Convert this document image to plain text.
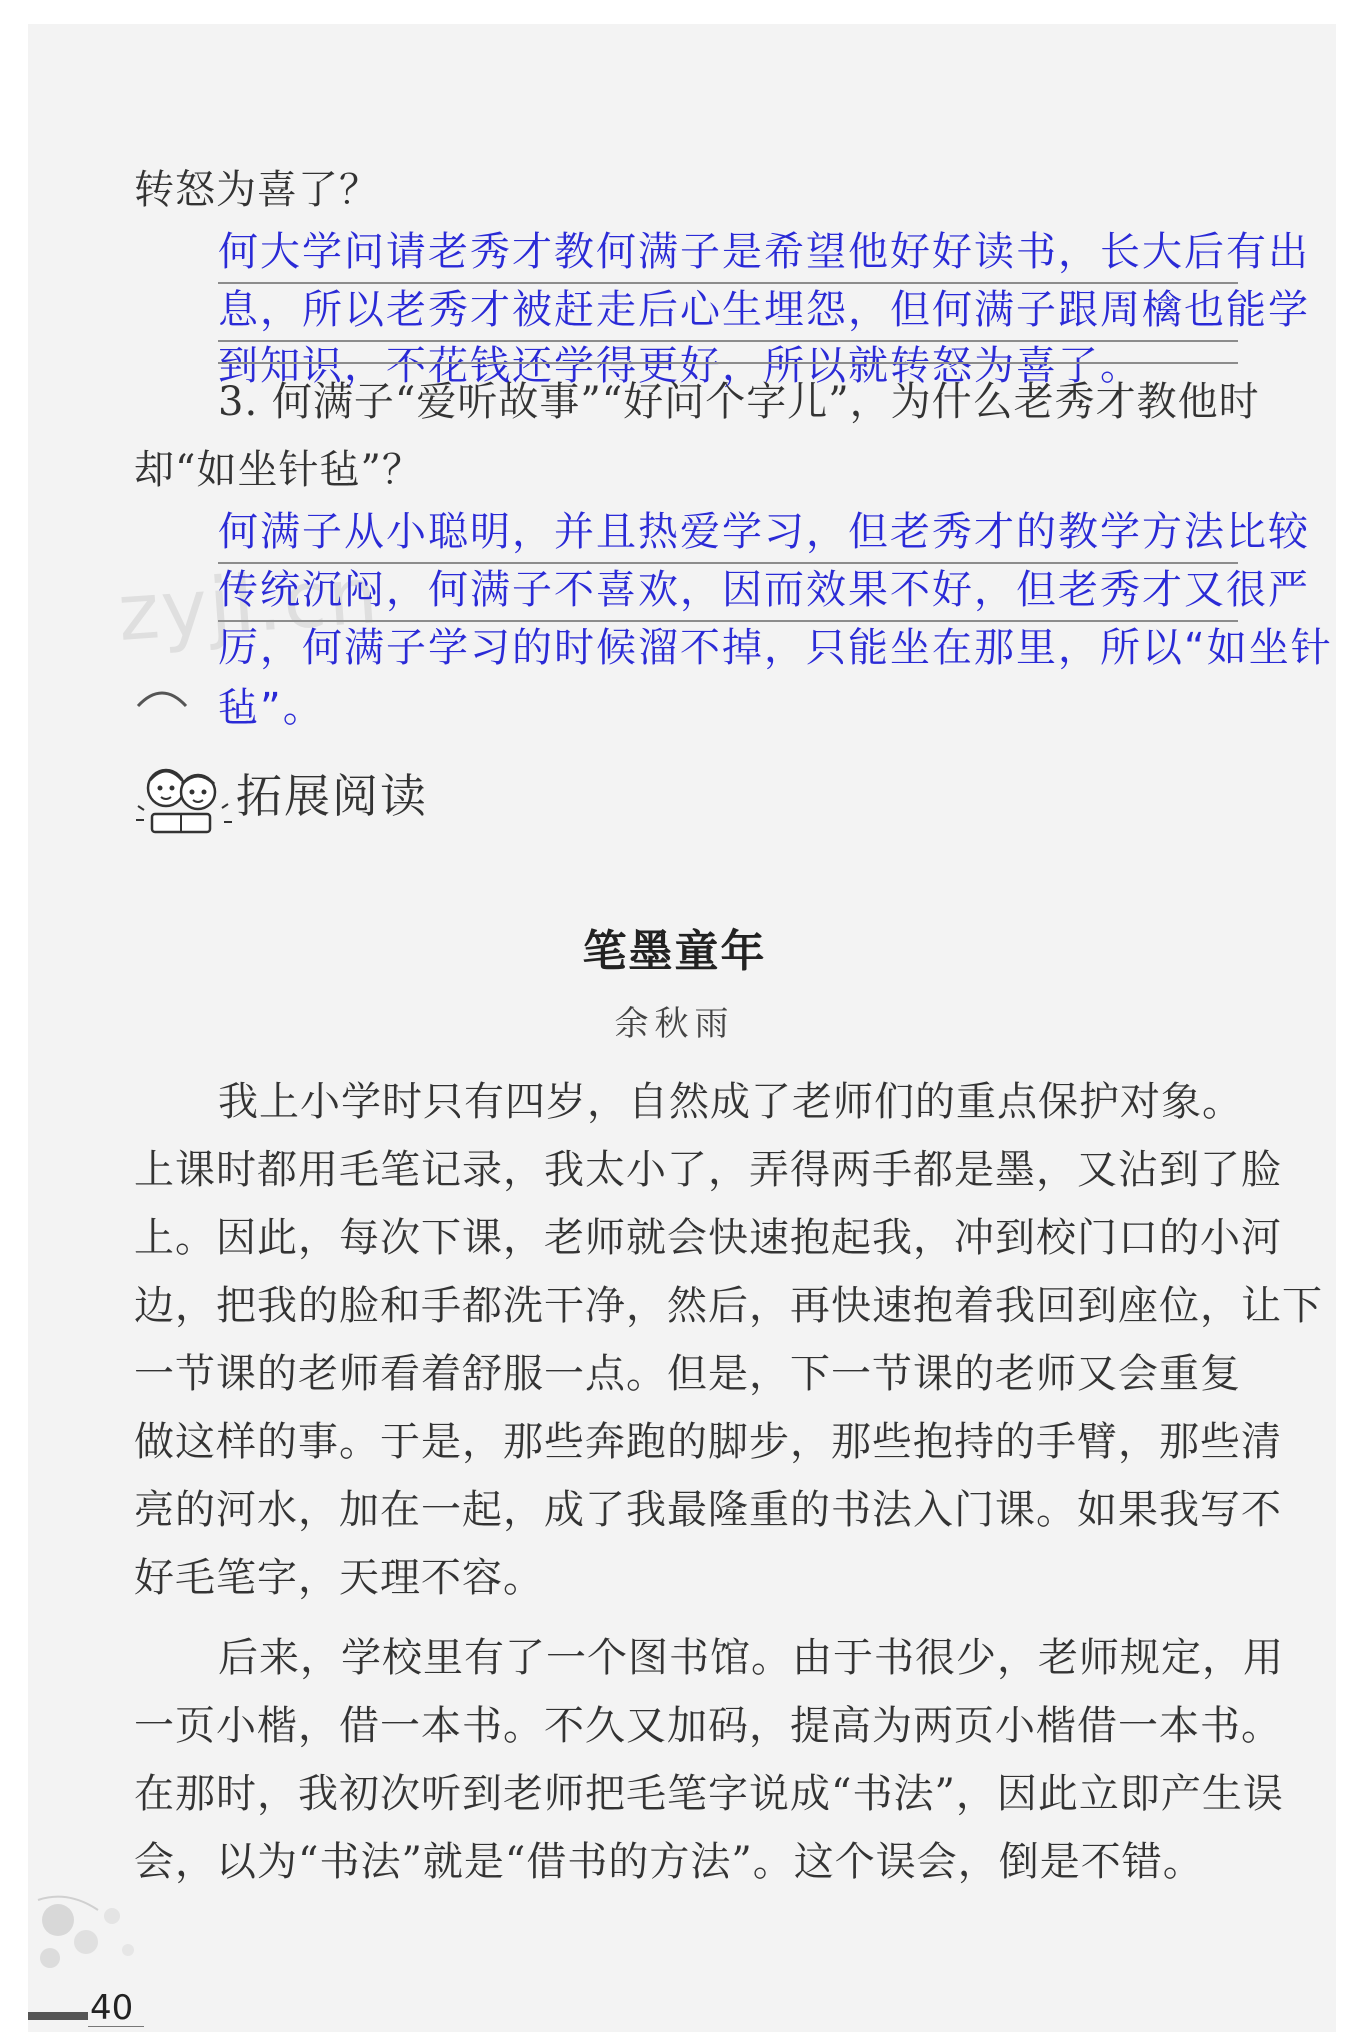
zyjl.cn
转怒为喜了？
何大学问请老秀才教何满子是希望他好好读书，长大后有出
息，所以老秀才被赶走后心生埋怨，但何满子跟周檎也能学
到知识，不花钱还学得更好，所以就转怒为喜了。
3. 何满子“爱听故事”“好问个字儿”，为什么老秀才教他时
却“如坐针毡”？
何满子从小聪明，并且热爱学习，但老秀才的教学方法比较
传统沉闷，何满子不喜欢，因而效果不好，但老秀才又很严
厉，何满子学习的时候溜不掉，只能坐在那里，所以“如坐针
毡”。
拓展阅读
笔墨童年
余秋雨
我上小学时只有四岁，自然成了老师们的重点保护对象。
上课时都用毛笔记录，我太小了，弄得两手都是墨，又沾到了脸
上。因此，每次下课，老师就会快速抱起我，冲到校门口的小河
边，把我的脸和手都洗干净，然后，再快速抱着我回到座位，让下
一节课的老师看着舒服一点。但是，下一节课的老师又会重复
做这样的事。于是，那些奔跑的脚步，那些抱持的手臂，那些清
亮的河水，加在一起，成了我最隆重的书法入门课。如果我写不
好毛笔字，天理不容。
后来，学校里有了一个图书馆。由于书很少，老师规定，用
一页小楷，借一本书。不久又加码，提高为两页小楷借一本书。
在那时，我初次听到老师把毛笔字说成“书法”，因此立即产生误
会，以为“书法”就是“借书的方法”。这个误会，倒是不错。
40
